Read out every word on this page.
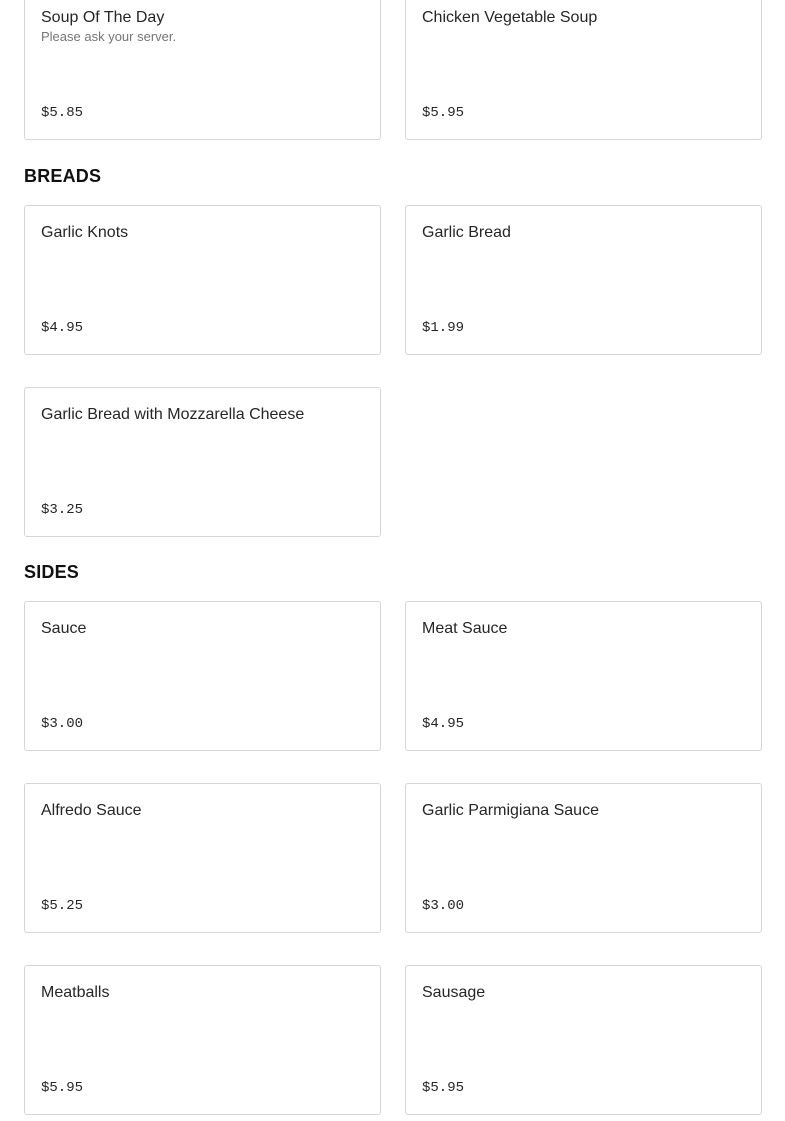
Soup Of The Day
Please ask your server.
$5.85
Chicken Vegetable Soup
$5.95
BREADS
Garlic Knots
$4.95
Garlic Bread
$1.99
Garlic Bread with Mozzarella Cheese
$3.25
SIDES
Sauce
$3.00
Meat Sauce
$4.95
Alfredo Sauce
$5.25
Garlic Parmigiana Sauce
$3.00
Meatballs
$5.95
Sausage
$5.95
